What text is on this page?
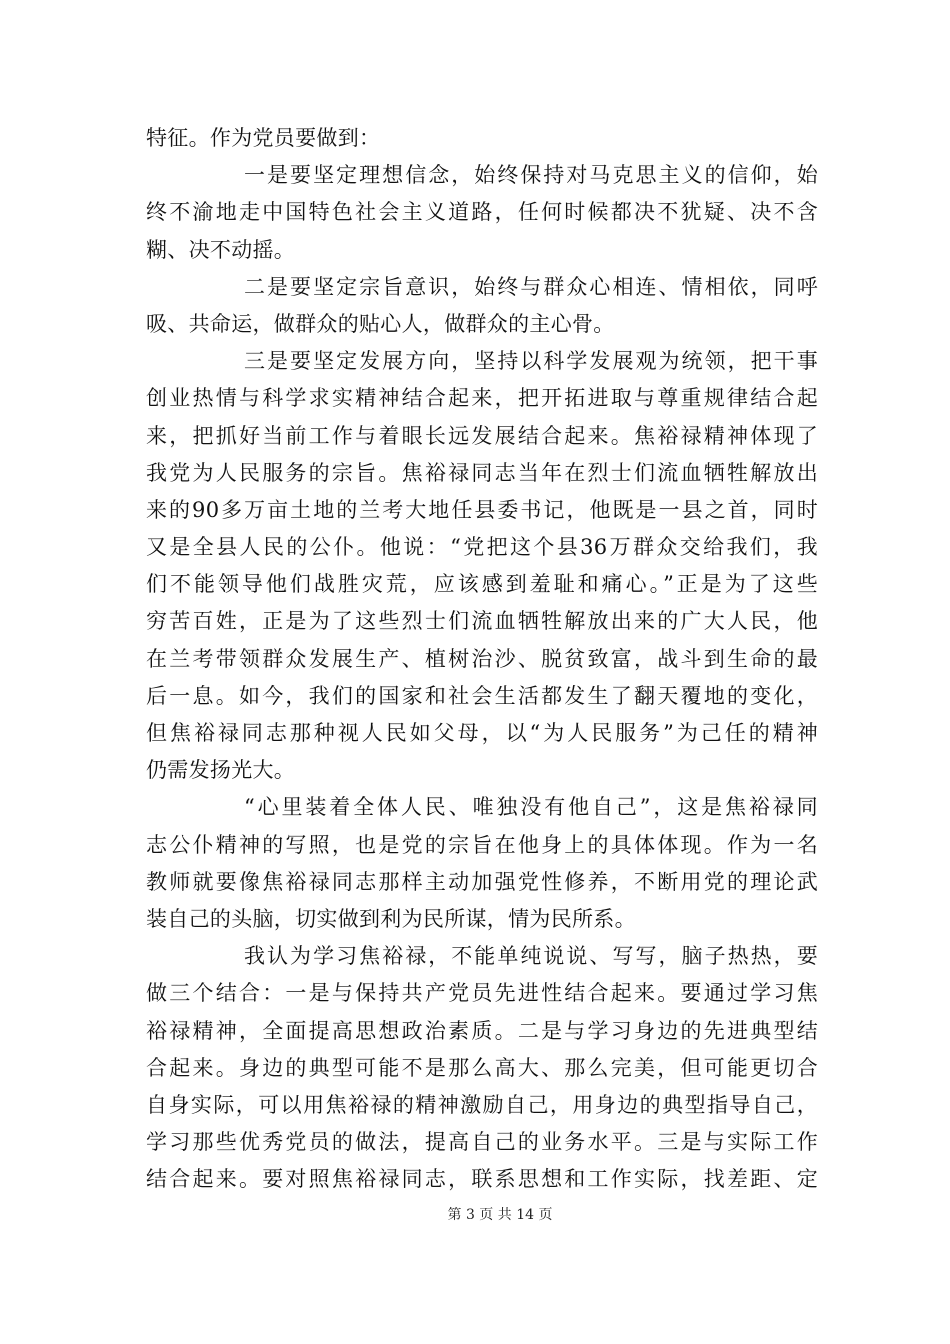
特征。作为党员要做到：
一是要坚定理想信念，始终保持对马克思主义的信仰，始
终不渝地走中国特色社会主义道路，任何时候都决不犹疑、决不含
糊、决不动摇。
二是要坚定宗旨意识，始终与群众心相连、情相依，同呼
吸、共命运，做群众的贴心人，做群众的主心骨。
三是要坚定发展方向，坚持以科学发展观为统领，把干事
创业热情与科学求实精神结合起来，把开拓进取与尊重规律结合起
来，把抓好当前工作与着眼长远发展结合起来。焦裕禄精神体现了
我党为人民服务的宗旨。焦裕禄同志当年在烈士们流血牺牲解放出
来的90多万亩土地的兰考大地任县委书记，他既是一县之首，同时
又是全县人民的公仆。他说：“党把这个县36万群众交给我们，我
们不能领导他们战胜灾荒，应该感到羞耻和痛心。”正是为了这些
穷苦百姓，正是为了这些烈士们流血牺牲解放出来的广大人民，他
在兰考带领群众发展生产、植树治沙、脱贫致富，战斗到生命的最
后一息。如今，我们的国家和社会生活都发生了翻天覆地的变化，
但焦裕禄同志那种视人民如父母，以“为人民服务”为己任的精神
仍需发扬光大。
“心里装着全体人民、唯独没有他自己”，这是焦裕禄同
志公仆精神的写照，也是党的宗旨在他身上的具体体现。作为一名
教师就要像焦裕禄同志那样主动加强党性修养，不断用党的理论武
装自己的头脑，切实做到利为民所谋，情为民所系。
我认为学习焦裕禄，不能单纯说说、写写，脑子热热，要
做三个结合：一是与保持共产党员先进性结合起来。要通过学习焦
裕禄精神，全面提高思想政治素质。二是与学习身边的先进典型结
合起来。身边的典型可能不是那么高大、那么完美，但可能更切合
自身实际，可以用焦裕禄的精神激励自己，用身边的典型指导自己，
学习那些优秀党员的做法，提高自己的业务水平。三是与实际工作
结合起来。要对照焦裕禄同志，联系思想和工作实际，找差距、定
第 3 页 共 14 页
